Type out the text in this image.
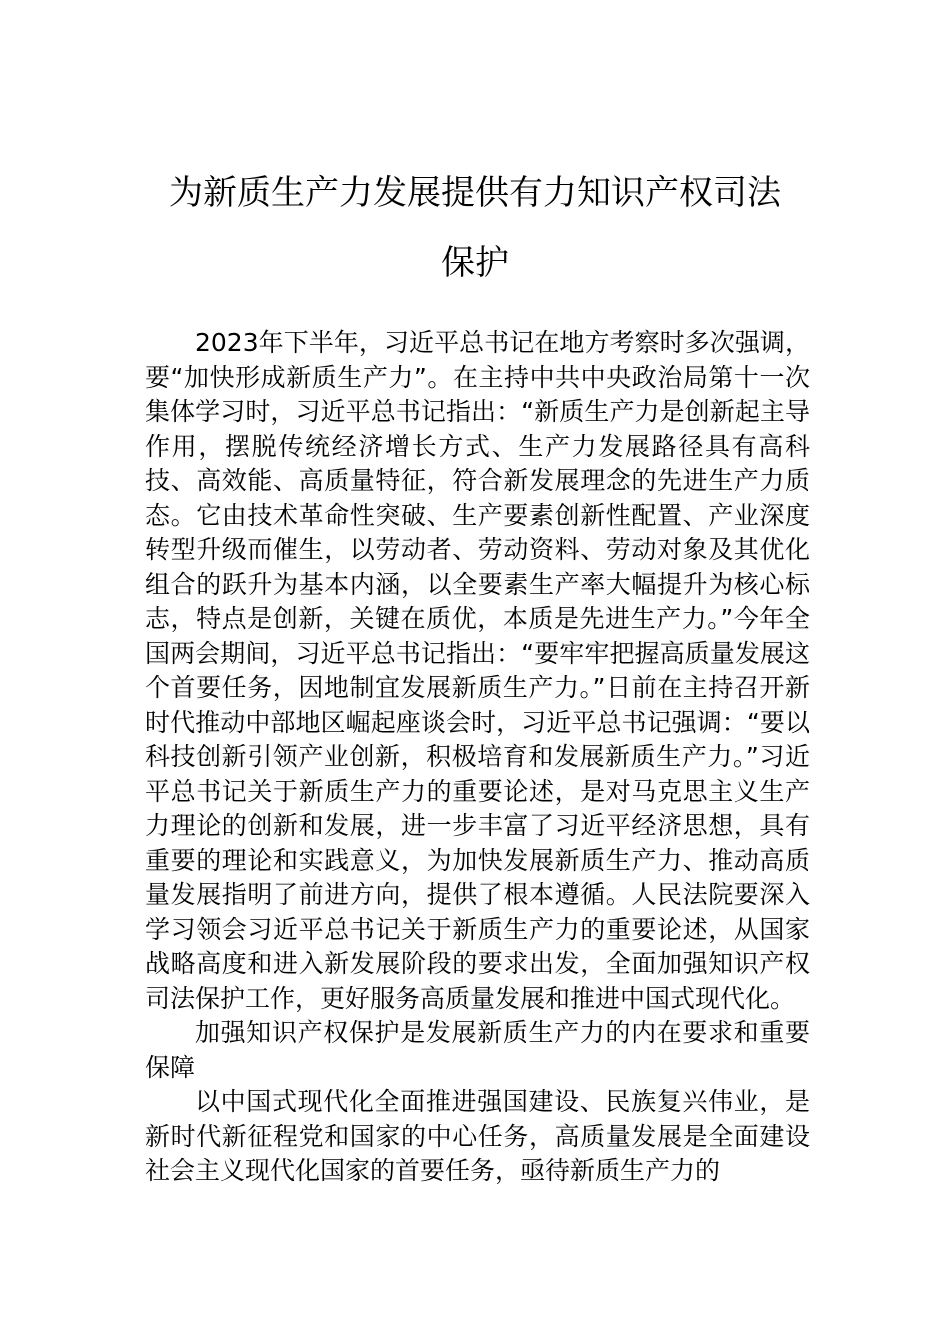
为新质生产力发展提供有力知识产权司法
保护

2023年下半年，习近平总书记在地方考察时多次强调，要“加快形成新质生产力”。在主持中共中央政治局第十一次集体学习时，习近平总书记指出：“新质生产力是创新起主导作用，摆脱传统经济增长方式、生产力发展路径具有高科技、高效能、高质量特征，符合新发展理念的先进生产力质态。它由技术革命性突破、生产要素创新性配置、产业深度转型升级而催生，以劳动者、劳动资料、劳动对象及其优化组合的跃升为基本内涵，以全要素生产率大幅提升为核心标志，特点是创新，关键在质优，本质是先进生产力。”今年全国两会期间，习近平总书记指出：“要牢牢把握高质量发展这个首要任务，因地制宜发展新质生产力。”日前在主持召开新时代推动中部地区崛起座谈会时，习近平总书记强调：“要以科技创新引领产业创新，积极培育和发展新质生产力。”习近平总书记关于新质生产力的重要论述，是对马克思主义生产力理论的创新和发展，进一步丰富了习近平经济思想，具有重要的理论和实践意义，为加快发展新质生产力、推动高质量发展指明了前进方向，提供了根本遵循。人民法院要深入学习领会习近平总书记关于新质生产力的重要论述，从国家战略高度和进入新发展阶段的要求出发，全面加强知识产权司法保护工作，更好服务高质量发展和推进中国式现代化。

加强知识产权保护是发展新质生产力的内在要求和重要保障

以中国式现代化全面推进强国建设、民族复兴伟业，是新时代新征程党和国家的中心任务，高质量发展是全面建设社会主义现代化国家的首要任务，亟待新质生产力的
